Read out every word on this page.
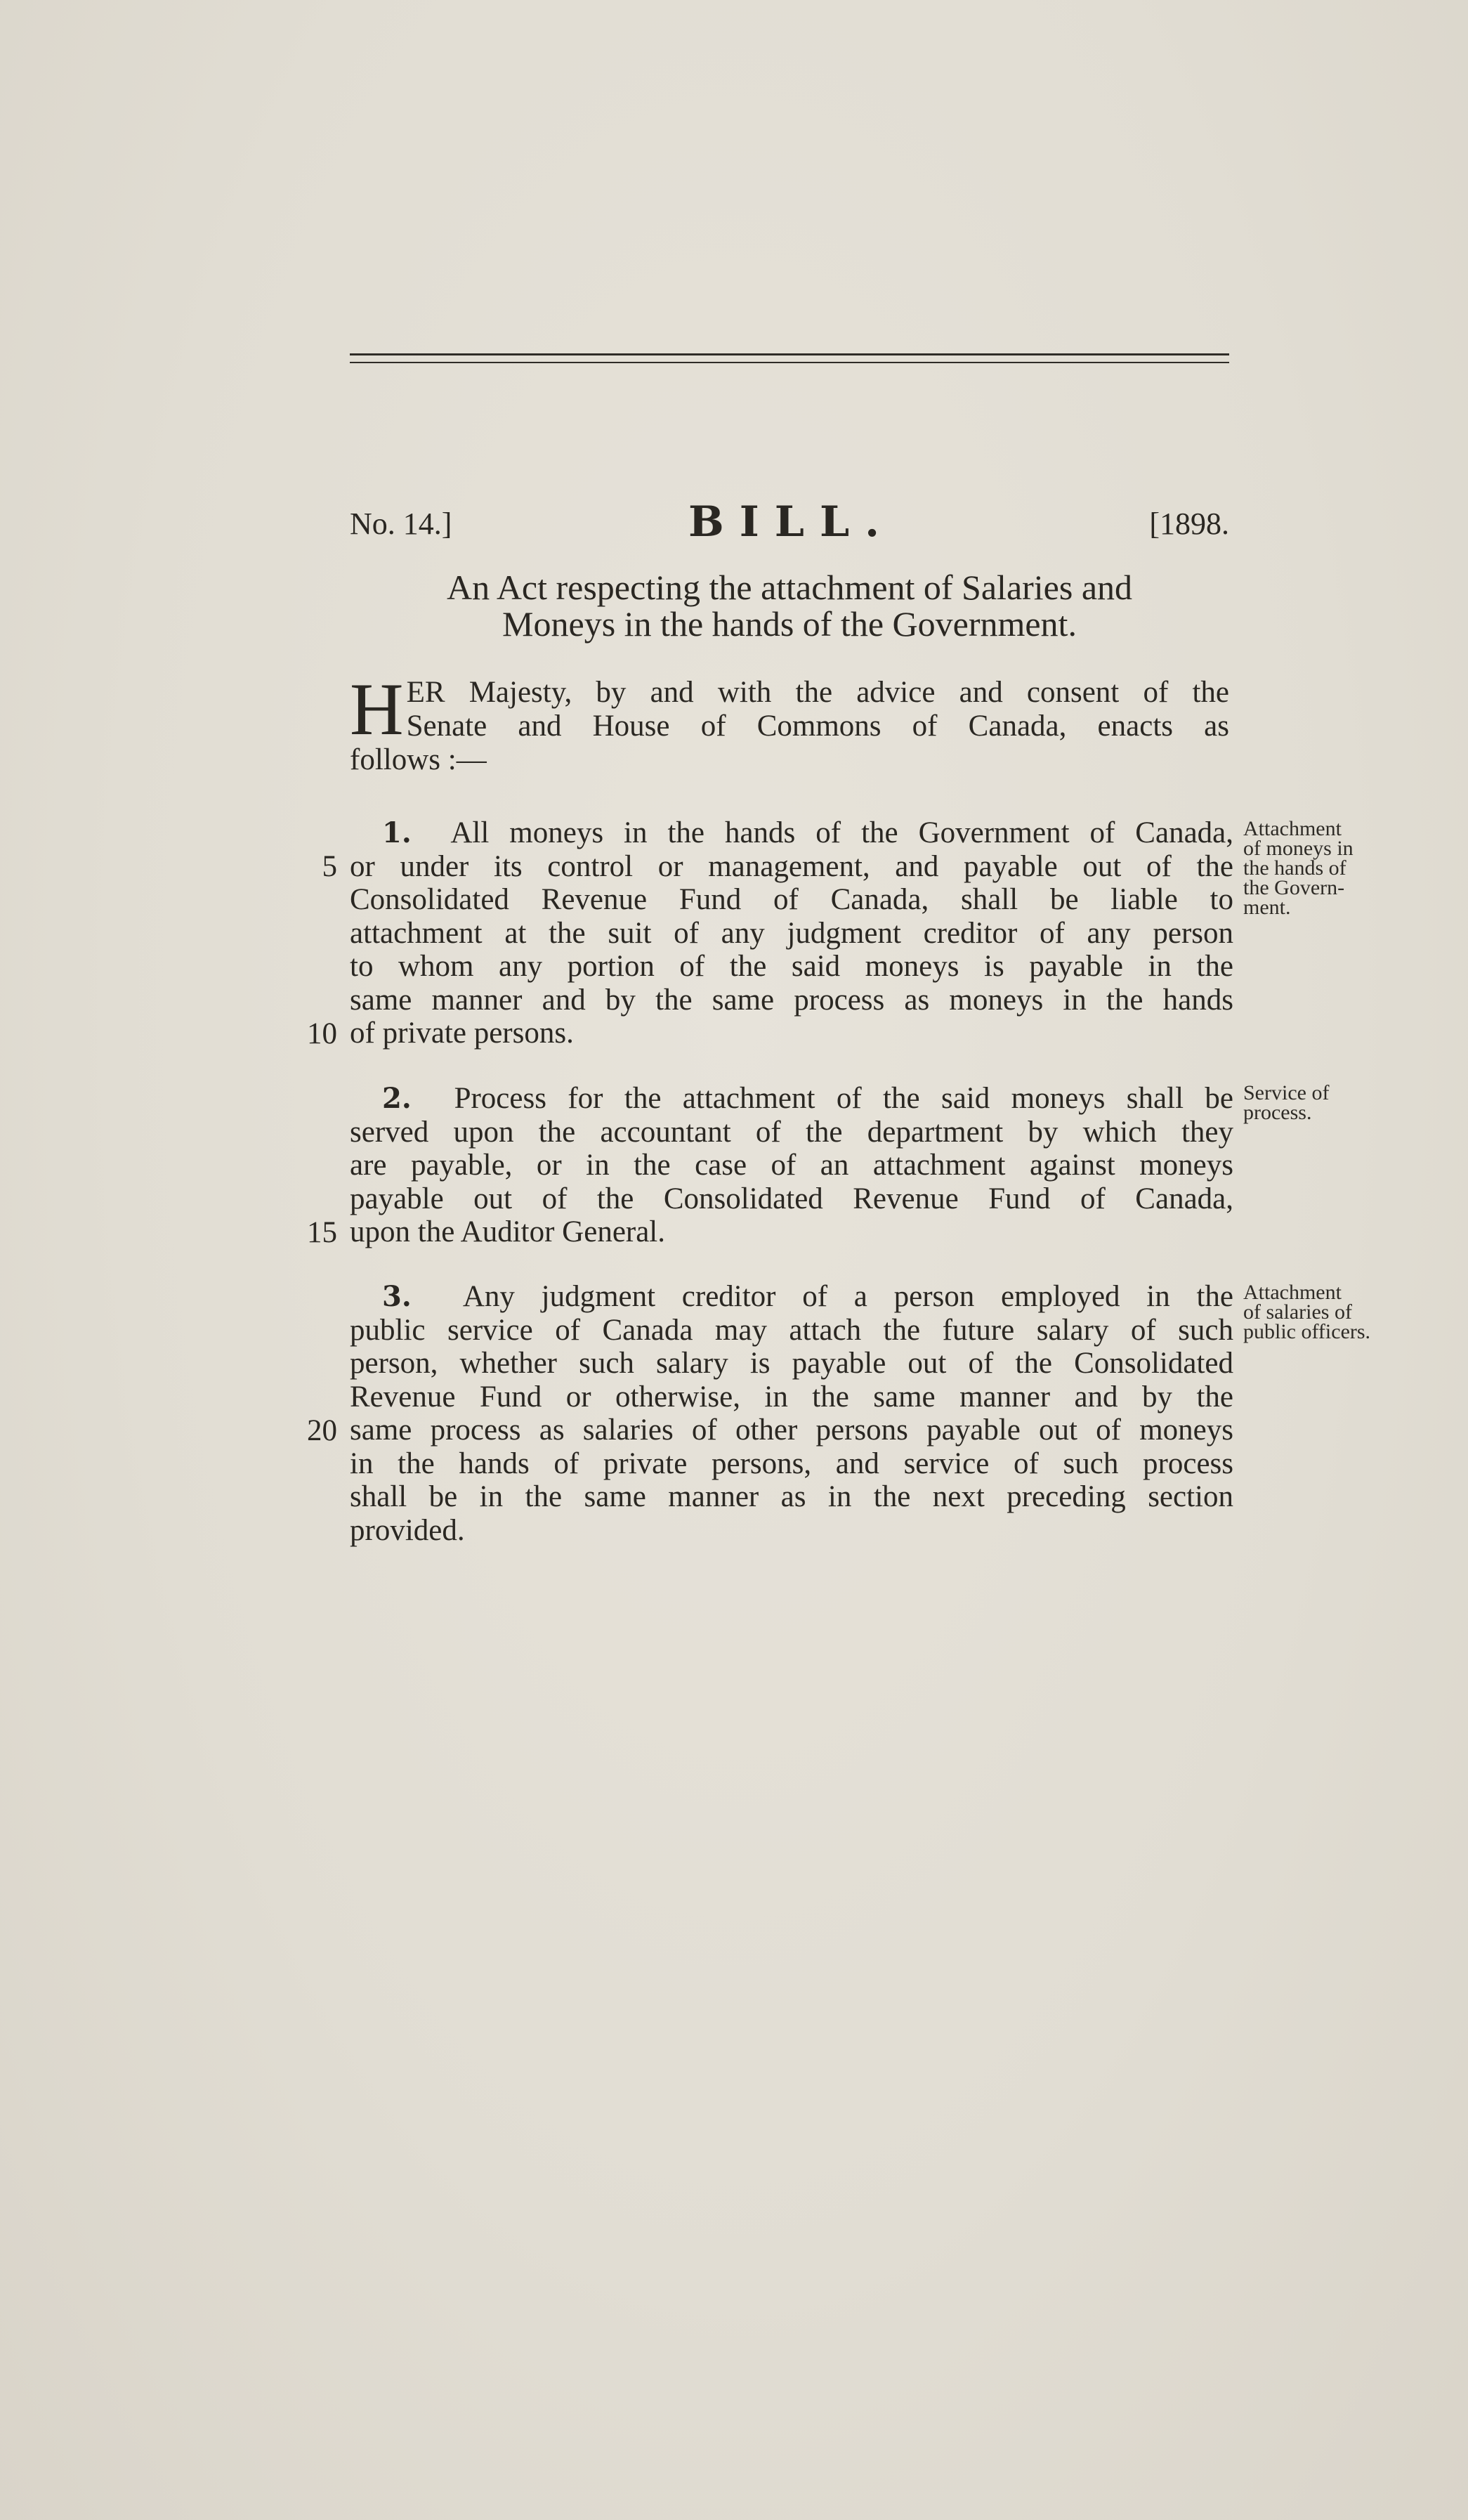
No. 14.]	BILL.	[1898.
An Act respecting the attachment of Salaries and
Moneys in the hands of the Government.
H ER Majesty, by and with the advice and consent of the
Senate and House of Commons of Canada, enacts as
follows :—
1. All moneys in the hands of the Government of Canada,
or under its control or management, and payable out of the
Consolidated Revenue Fund of Canada, shall be liable to
attachment at the suit of any judgment creditor of any person
to whom any portion of the said moneys is payable in the
same manner and by the same process as moneys in the hands
of private persons.
Attachment
of moneys in
the hands of
the Govern-
ment.
2. Process for the attachment of the said moneys shall be
served upon the accountant of the department by which they
are payable, or in the case of an attachment against moneys
payable out of the Consolidated Revenue Fund of Canada,
upon the Auditor General.
Service of
process.
3. Any judgment creditor of a person employed in the
public service of Canada may attach the future salary of such
person, whether such salary is payable out of the Consolidated
Revenue Fund or otherwise, in the same manner and by the
same process as salaries of other persons payable out of moneys
in the hands of private persons, and service of such process
shall be in the same manner as in the next preceding section
provided.
Attachment
of salaries of
public officers.
5
10
15
20
